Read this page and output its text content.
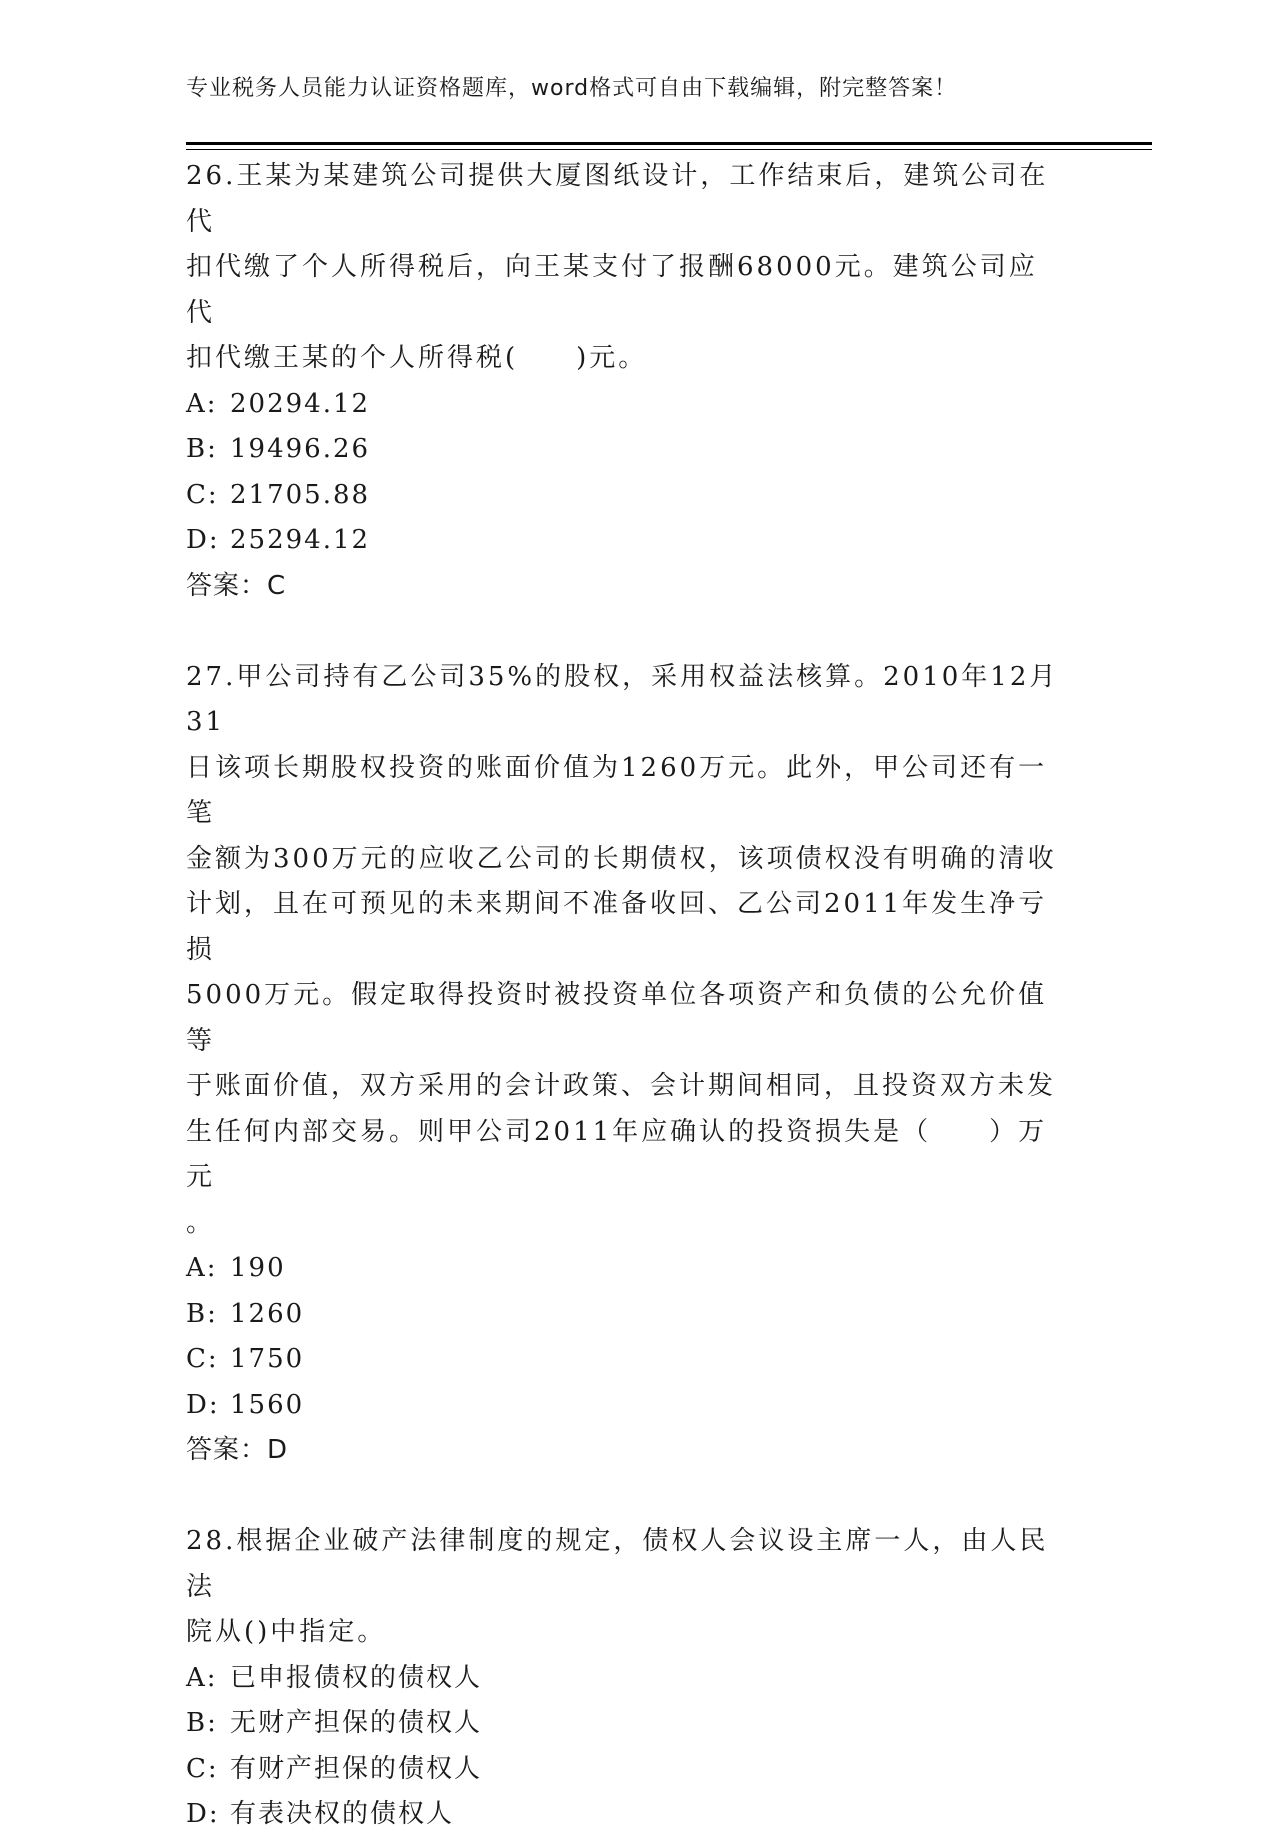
专业税务人员能力认证资格题库，word格式可自由下载编辑，附完整答案！

26.王某为某建筑公司提供大厦图纸设计，工作结束后，建筑公司在代

扣代缴了个人所得税后，向王某支付了报酬68000元。建筑公司应代

扣代缴王某的个人所得税(　　)元。

A: 20294.12

B: 19496.26

C: 21705.88

D: 25294.12

答案：C

27.甲公司持有乙公司35%的股权，采用权益法核算。2010年12月31

日该项长期股权投资的账面价值为1260万元。此外，甲公司还有一笔

金额为300万元的应收乙公司的长期债权，该项债权没有明确的清收

计划，且在可预见的未来期间不准备收回、乙公司2011年发生净亏损

5000万元。假定取得投资时被投资单位各项资产和负债的公允价值等

于账面价值，双方采用的会计政策、会计期间相同，且投资双方未发

生任何内部交易。则甲公司2011年应确认的投资损失是（　　）万元

。

A: 190

B: 1260

C: 1750

D: 1560

答案：D

28.根据企业破产法律制度的规定，债权人会议设主席一人，由人民法

院从()中指定。

A: 已申报债权的债权人

B: 无财产担保的债权人

C: 有财产担保的债权人

D: 有表决权的债权人
